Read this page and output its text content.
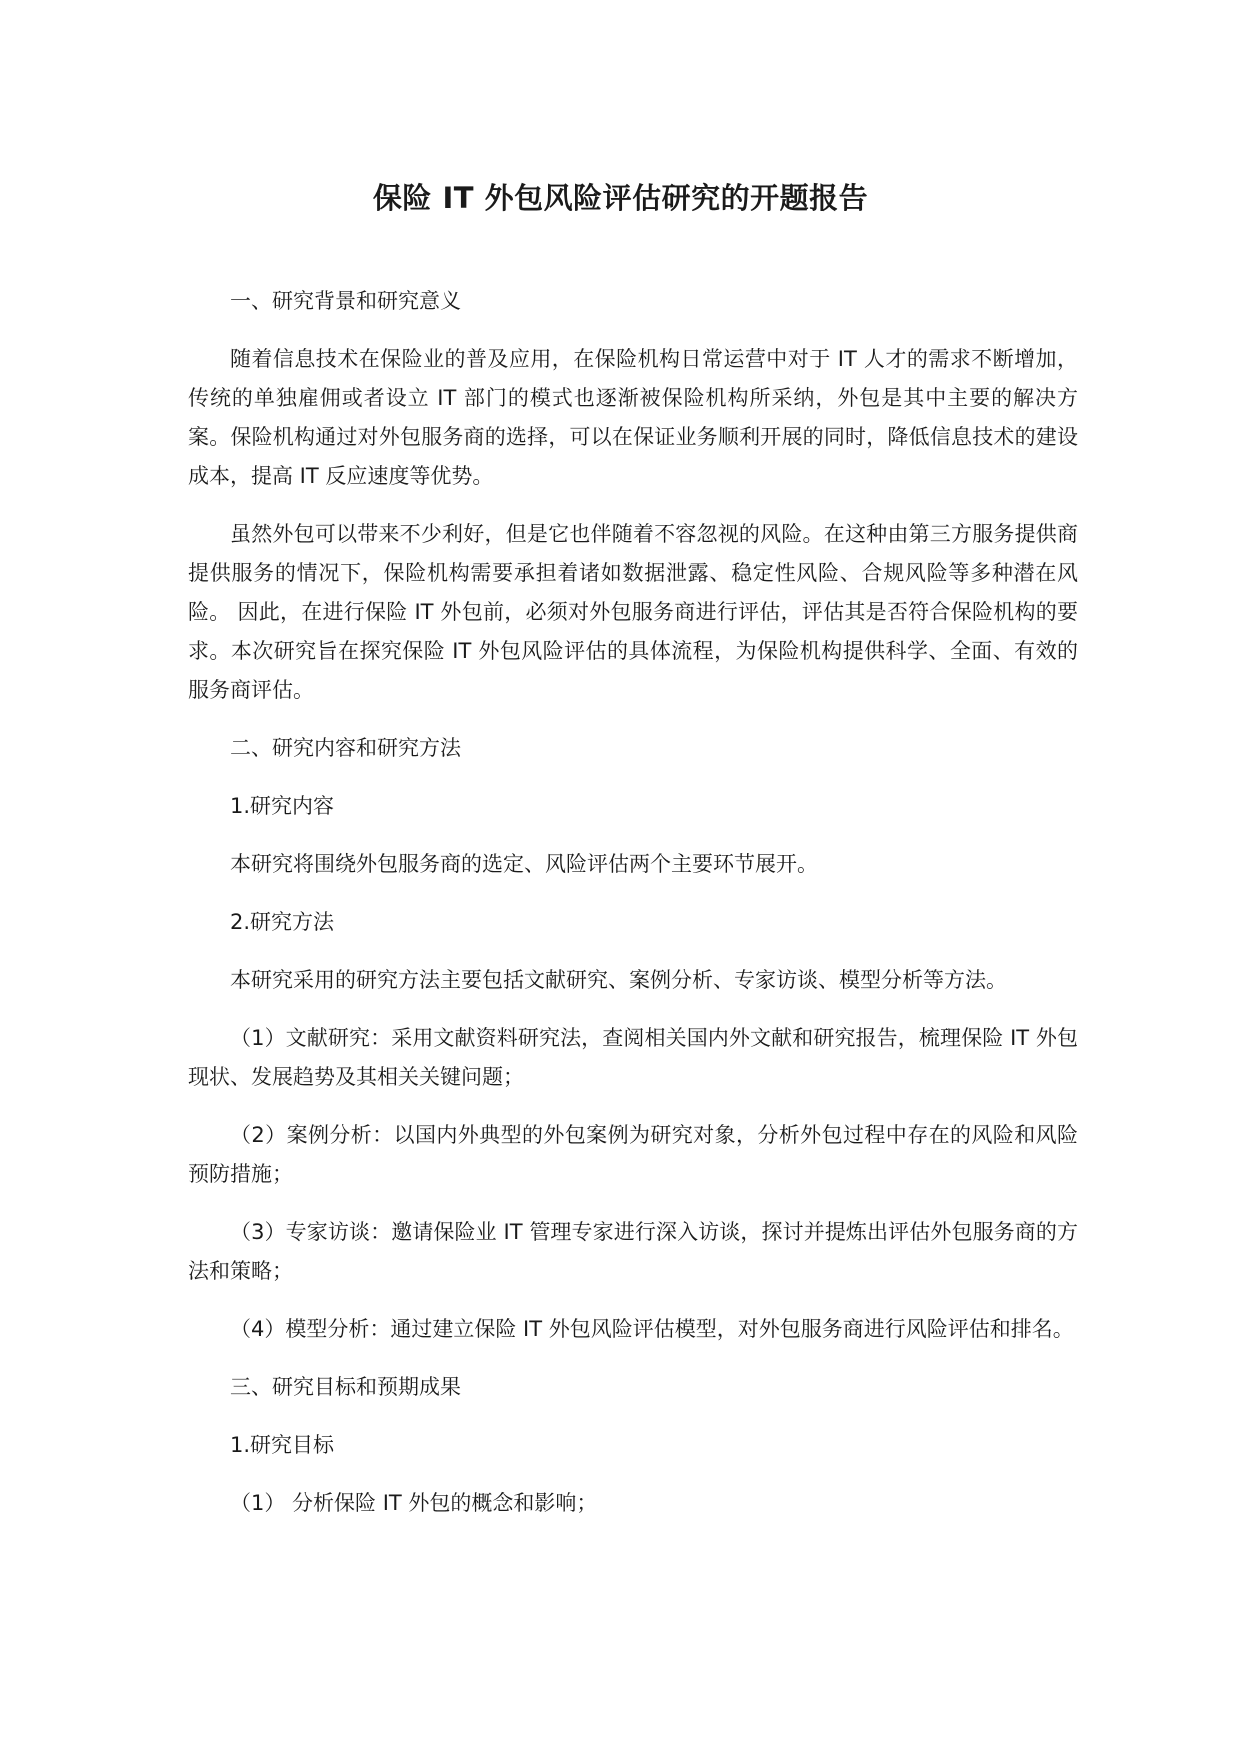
保险 IT 外包风险评估研究的开题报告

一、研究背景和研究意义

随着信息技术在保险业的普及应用，在保险机构日常运营中对于 IT 人才的需求不断增加，传统的单独雇佣或者设立 IT 部门的模式也逐渐被保险机构所采纳，外包是其中主要的解决方案。保险机构通过对外包服务商的选择，可以在保证业务顺利开展的同时，降低信息技术的建设成本，提高 IT 反应速度等优势。

虽然外包可以带来不少利好，但是它也伴随着不容忽视的风险。在这种由第三方服务提供商提供服务的情况下，保险机构需要承担着诸如数据泄露、稳定性风险、合规风险等多种潜在风险。 因此，在进行保险 IT 外包前，必须对外包服务商进行评估，评估其是否符合保险机构的要求。本次研究旨在探究保险 IT 外包风险评估的具体流程，为保险机构提供科学、全面、有效的服务商评估。

二、研究内容和研究方法

1.研究内容

本研究将围绕外包服务商的选定、风险评估两个主要环节展开。

2.研究方法

本研究采用的研究方法主要包括文献研究、案例分析、专家访谈、模型分析等方法。

（1）文献研究：采用文献资料研究法，查阅相关国内外文献和研究报告，梳理保险 IT 外包现状、发展趋势及其相关关键问题；

（2）案例分析：以国内外典型的外包案例为研究对象，分析外包过程中存在的风险和风险预防措施；

（3）专家访谈：邀请保险业 IT 管理专家进行深入访谈，探讨并提炼出评估外包服务商的方法和策略；

（4）模型分析：通过建立保险 IT 外包风险评估模型，对外包服务商进行风险评估和排名。

三、研究目标和预期成果

1.研究目标

（1） 分析保险 IT 外包的概念和影响；
